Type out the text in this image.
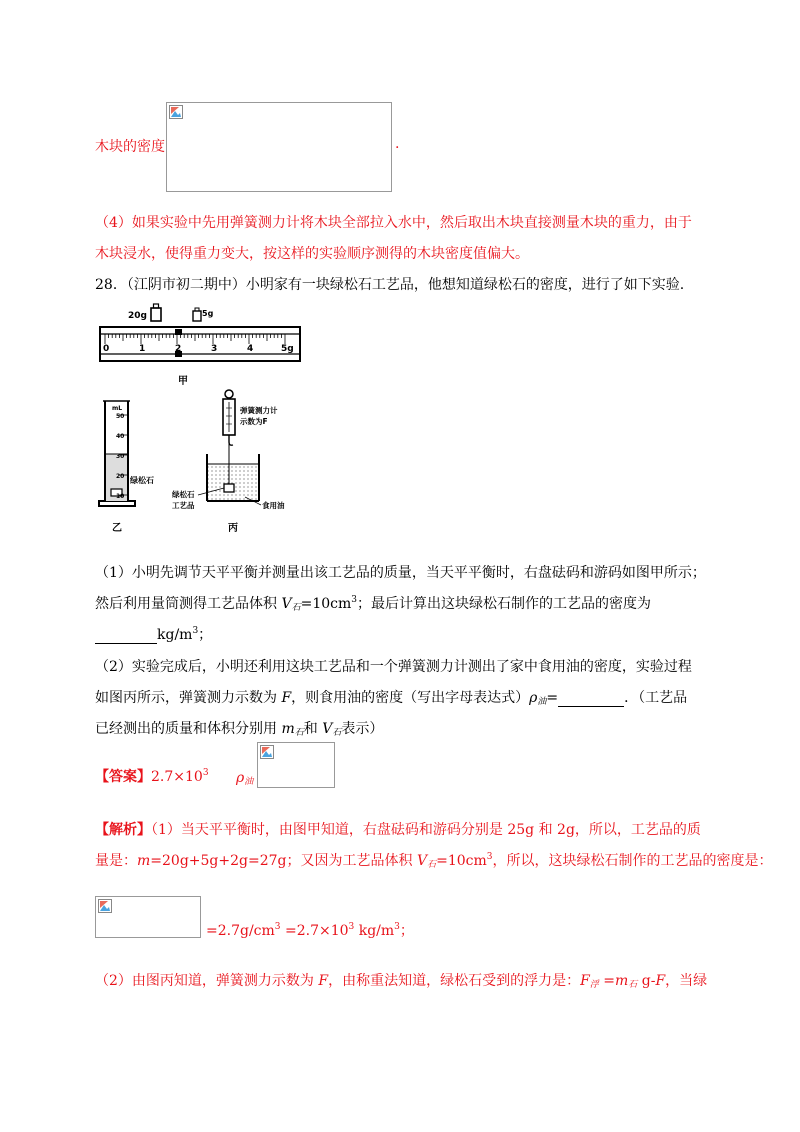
木块的密度	.
（4）如果实验中先用弹簧测力计将木块全部拉入水中，然后取出木块直接测量木块的重力，由于
木块浸水，使得重力变大，按这样的实验顺序测得的木块密度值偏大。
28．（江阴市初二期中）小明家有一块绿松石工艺品，他想知道绿松石的密度，进行了如下实验.
20g	5g
0	1	2	3	4	5g
甲
mL
50
40
30
20
10
绿松石
乙
弹簧测力计
示数为F
绿松石
工艺品	食用油
丙
（1）小明先调节天平平衡并测量出该工艺品的质量，当天平平衡时，右盘砝码和游码如图甲所示；
然后利用量筒测得工艺品体积 $V_石=10cm^3$；最后计算出这块绿松石制作的工艺品的密度为
$kg/m^3$；
（2）实验完成后，小明还利用这块工艺品和一个弹簧测力计测出了家中食用油的密度，实验过程
如图丙所示，弹簧测力示数为 F，则食用油的密度（写出字母表达式）$\rho_油=$	．（工艺品
已经测出的质量和体积分别用 $m_石$和 $V_石$表示）
【答案】$2.7\times 10^3$ $\rho_油$
【解析】（1）当天平平衡时，由图甲知道，右盘砝码和游码分别是 25g 和 2g，所以，工艺品的质
量是：m=20g+5g+2g=27g；又因为工艺品体积 $V_石=10cm^3$，所以，这块绿松石制作的工艺品的密度是：
$=2.7g/cm^3 =2.7\times 10^3$ $kg/m^3$；
（2）由图丙知道，弹簧测力示数为 F，由称重法知道，绿松石受到的浮力是：$F_浮 =m_石$ g-F，当绿
